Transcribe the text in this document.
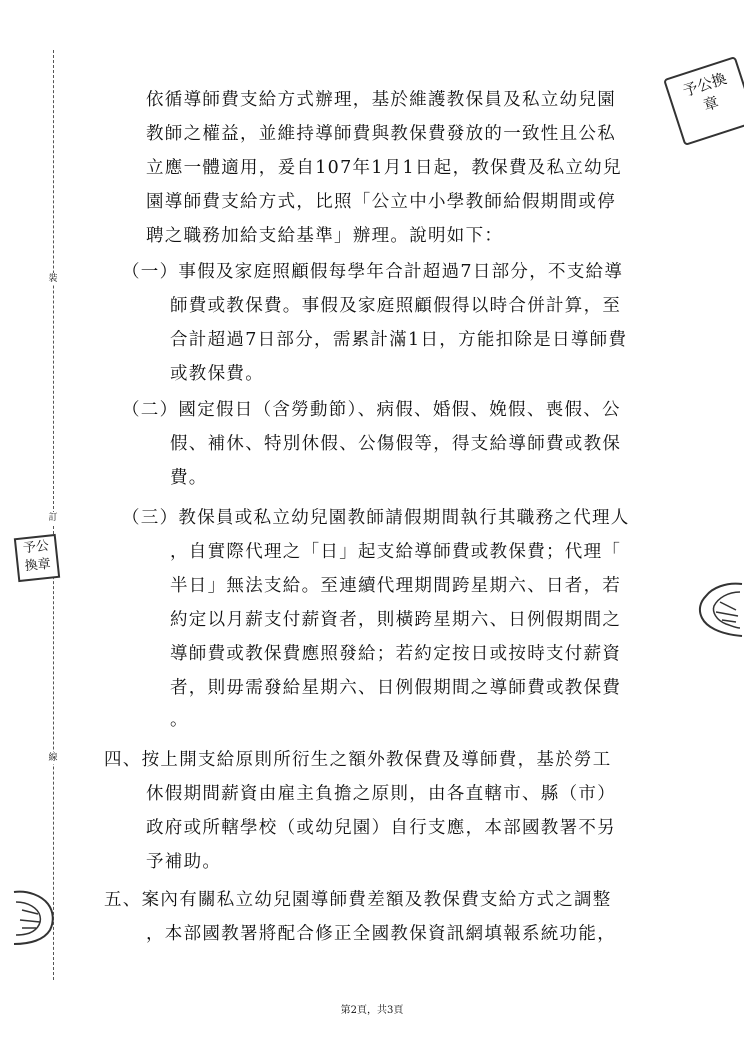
裝
訂
線
予公換章
予公換章
依循導師費支給方式辦理，基於維護教保員及私立幼兒園
教師之權益，並維持導師費與教保費發放的一致性且公私
立應一體適用，爰自107年1月1日起，教保費及私立幼兒
園導師費支給方式，比照「公立中小學教師給假期間或停
聘之職務加給支給基準」辦理。說明如下：
（一）事假及家庭照顧假每學年合計超過7日部分，不支給導
師費或教保費。事假及家庭照顧假得以時合併計算，至
合計超過7日部分，需累計滿1日，方能扣除是日導師費
或教保費。
（二）國定假日（含勞動節）、病假、婚假、娩假、喪假、公
假、補休、特別休假、公傷假等，得支給導師費或教保
費。
（三）教保員或私立幼兒園教師請假期間執行其職務之代理人
，自實際代理之「日」起支給導師費或教保費；代理「
半日」無法支給。至連續代理期間跨星期六、日者，若
約定以月薪支付薪資者，則橫跨星期六、日例假期間之
導師費或教保費應照發給；若約定按日或按時支付薪資
者，則毋需發給星期六、日例假期間之導師費或教保費
。
四、按上開支給原則所衍生之額外教保費及導師費，基於勞工
休假期間薪資由雇主負擔之原則，由各直轄市、縣（市）
政府或所轄學校（或幼兒園）自行支應，本部國教署不另
予補助。
五、案內有關私立幼兒園導師費差額及教保費支給方式之調整
，本部國教署將配合修正全國教保資訊網填報系統功能，
第2頁，共3頁
